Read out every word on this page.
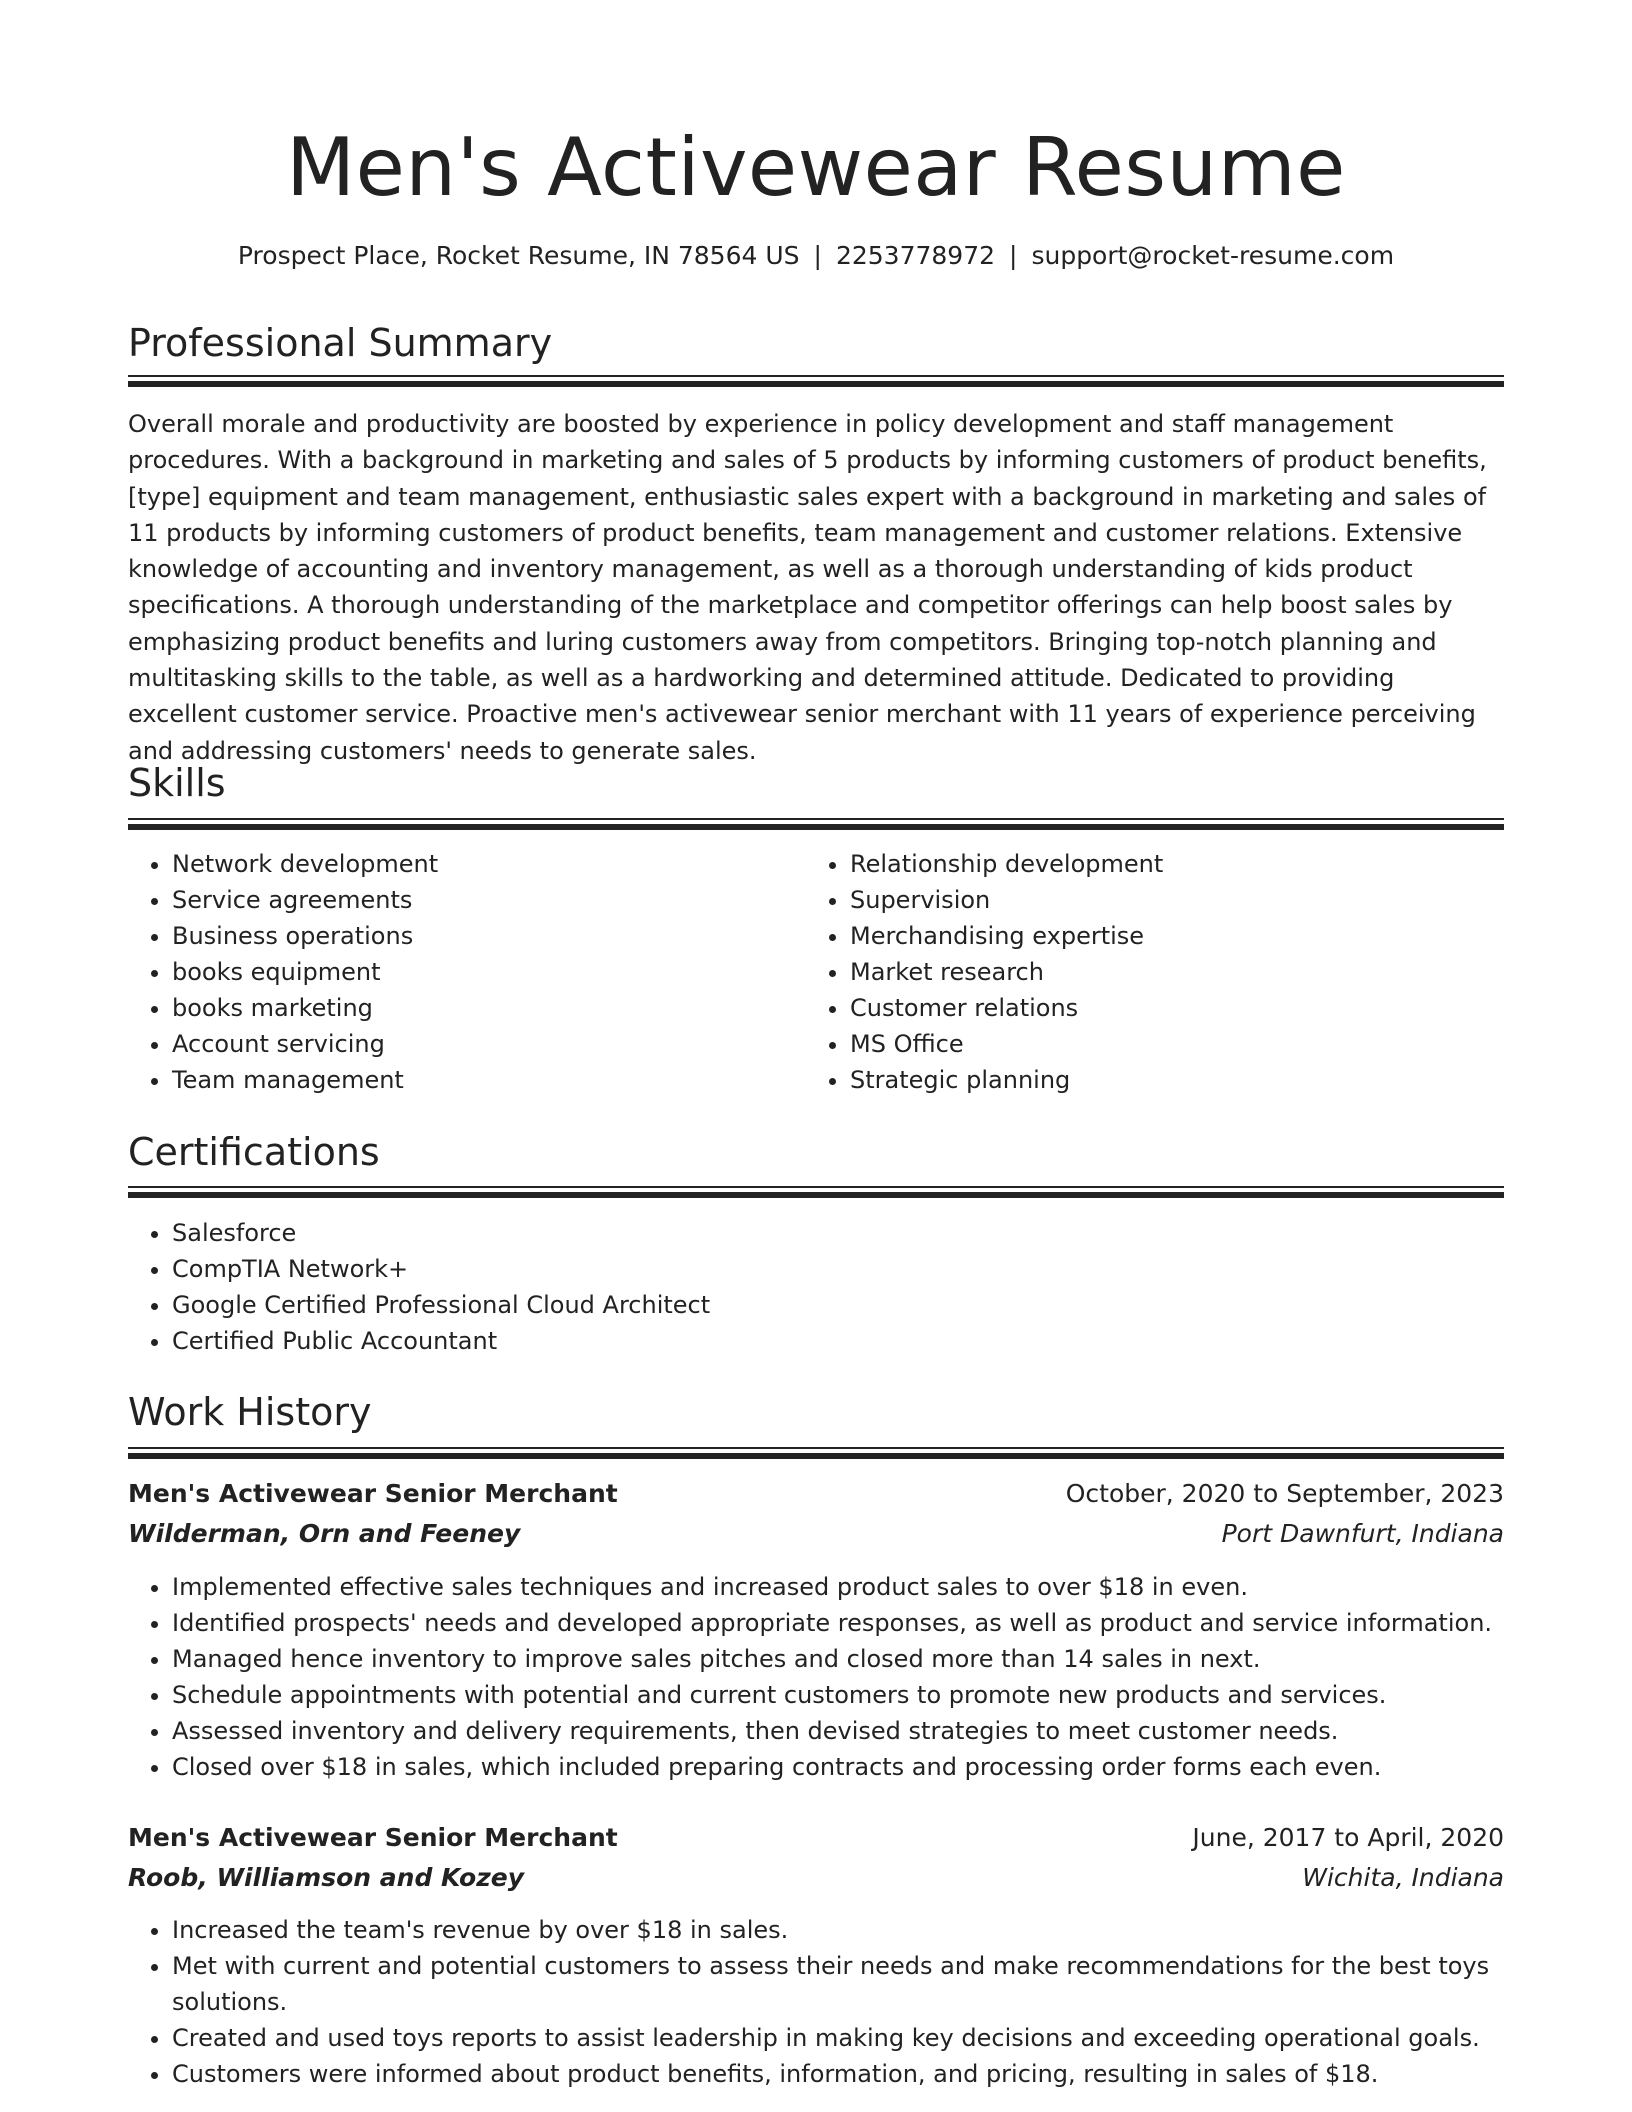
Men's Activewear Resume
Prospect Place, Rocket Resume, IN 78564 US | 2253778972 | support@rocket-resume.com
Professional Summary

Overall morale and productivity are boosted by experience in policy development and staff management procedures. With a background in marketing and sales of 5 products by informing customers of product benefits, [type] equipment and team management, enthusiastic sales expert with a background in marketing and sales of 11 products by informing customers of product benefits, team management and customer relations. Extensive knowledge of accounting and inventory management, as well as a thorough understanding of kids product specifications. A thorough understanding of the marketplace and competitor offerings can help boost sales by emphasizing product benefits and luring customers away from competitors. Bringing top-notch planning and multitasking skills to the table, as well as a hardworking and determined attitude. Dedicated to providing excellent customer service. Proactive men's activewear senior merchant with 11 years of experience perceiving and addressing customers' needs to generate sales.

Skills
• Network development
• Service agreements
• Business operations
• books equipment
• books marketing
• Account servicing
• Team management
• Relationship development
• Supervision
• Merchandising expertise
• Market research
• Customer relations
• MS Office
• Strategic planning
Certifications
• Salesforce
• CompTIA Network+
• Google Certified Professional Cloud Architect
• Certified Public Accountant
Work History
Men's Activewear Senior Merchant	October, 2020 to September, 2023
Wilderman, Orn and Feeney	Port Dawnfurt, Indiana
• Implemented effective sales techniques and increased product sales to over $18 in even.
• Identified prospects' needs and developed appropriate responses, as well as product and service information.
• Managed hence inventory to improve sales pitches and closed more than 14 sales in next.
• Schedule appointments with potential and current customers to promote new products and services.
• Assessed inventory and delivery requirements, then devised strategies to meet customer needs.
• Closed over $18 in sales, which included preparing contracts and processing order forms each even.
Men's Activewear Senior Merchant	June, 2017 to April, 2020
Roob, Williamson and Kozey	Wichita, Indiana
• Increased the team's revenue by over $18 in sales.
• Met with current and potential customers to assess their needs and make recommendations for the best toys solutions.
• Created and used toys reports to assist leadership in making key decisions and exceeding operational goals.
• Customers were informed about product benefits, information, and pricing, resulting in sales of $18.
